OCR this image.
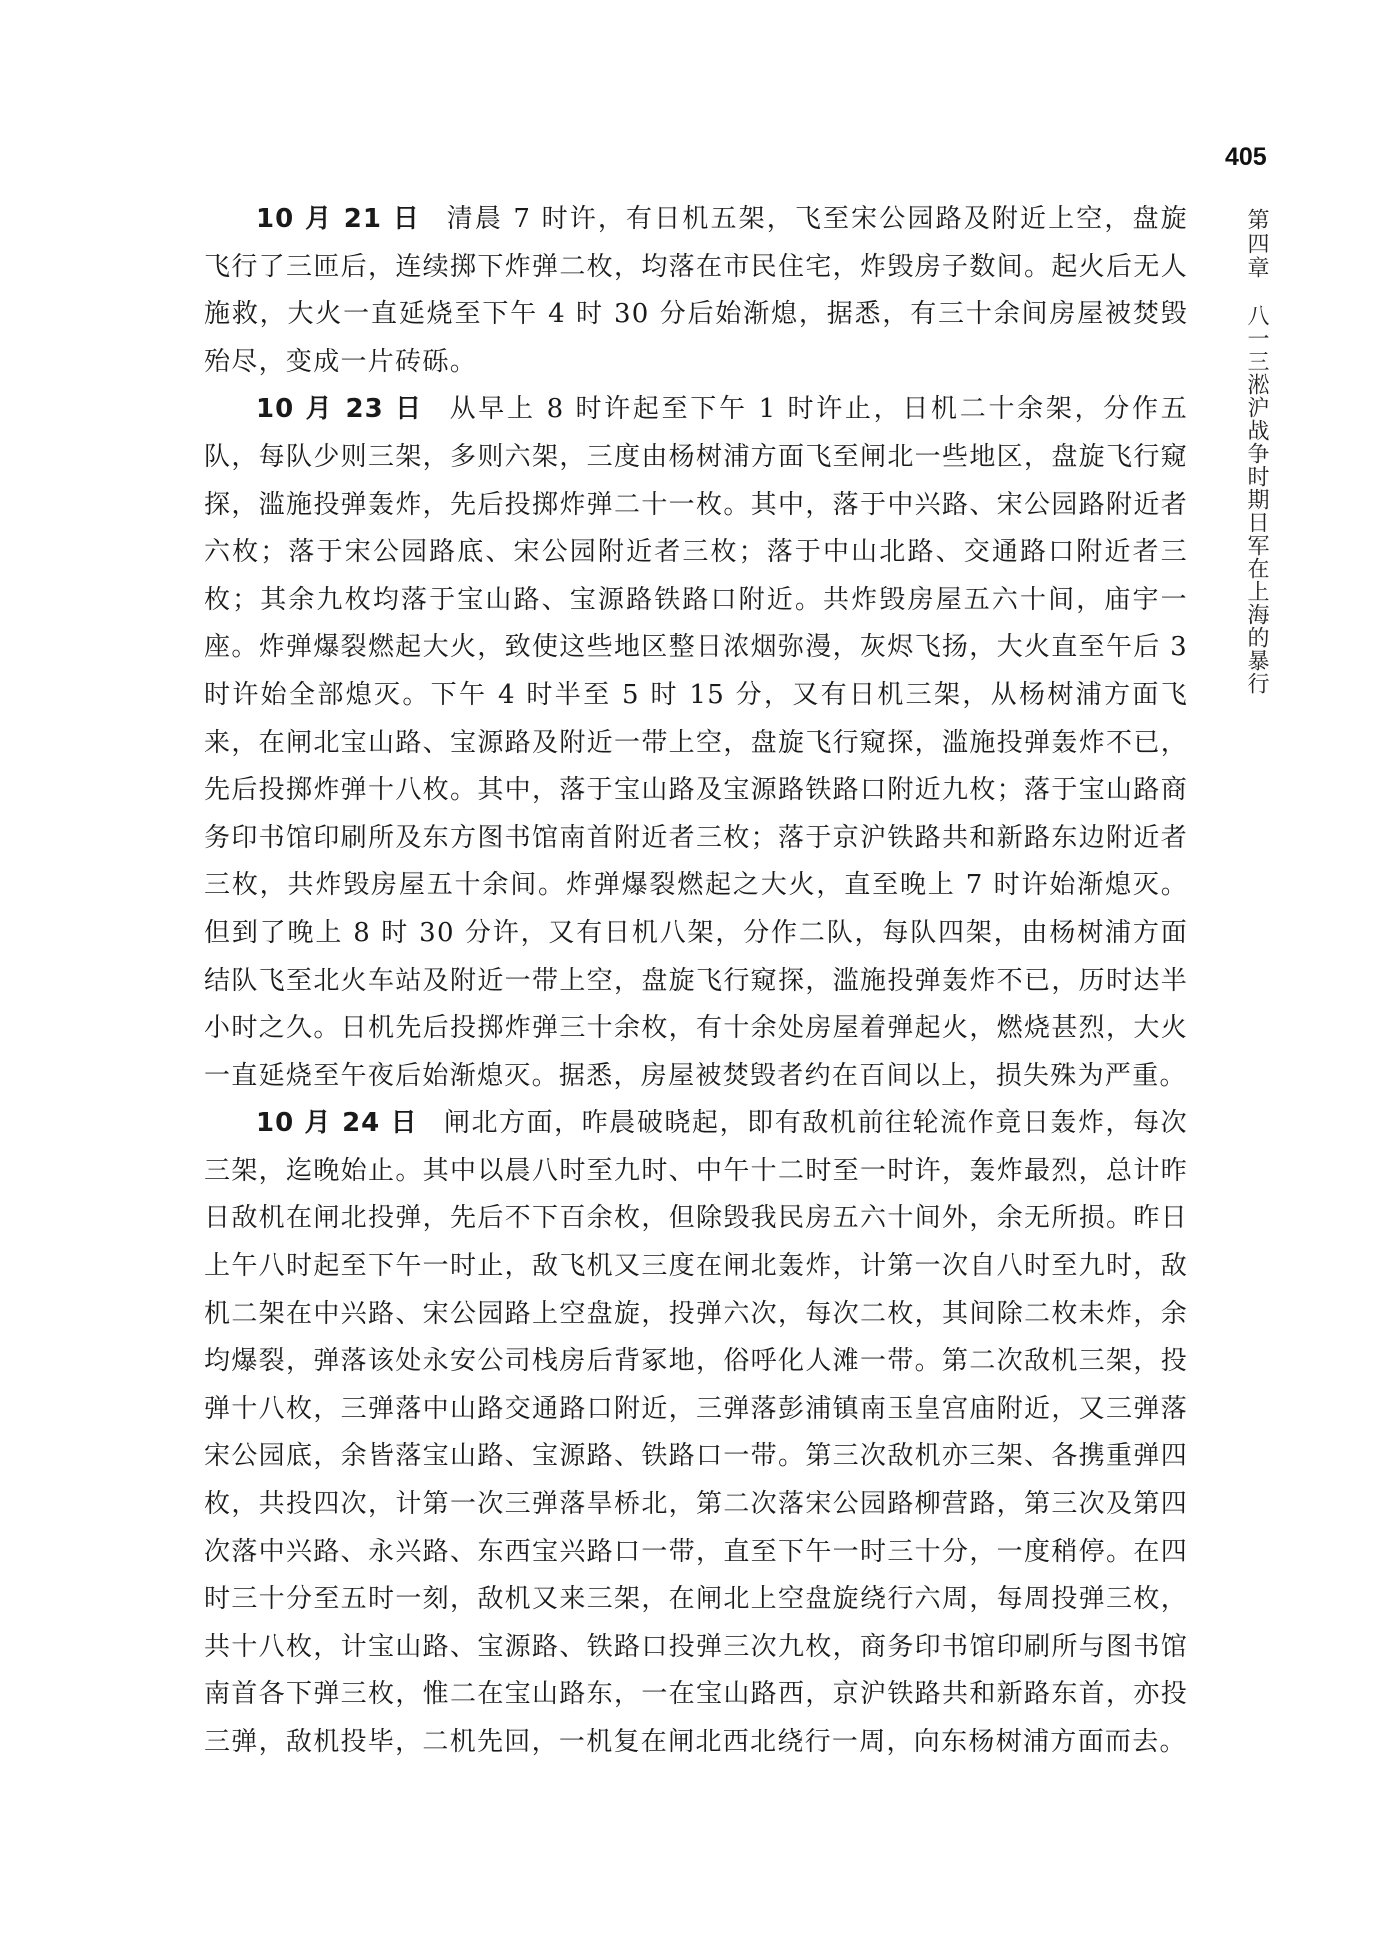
405
第四章八一三淞沪战争时期日军在上海的暴行

10 月 21 日 清晨 7 时许，有日机五架，飞至宋公园路及附近上空，盘旋飞行了三匝后，连续掷下炸弹二枚，均落在市民住宅，炸毁房子数间。起火后无人施救，大火一直延烧至下午 4 时 30 分后始渐熄，据悉，有三十余间房屋被焚毁殆尽，变成一片砖砾。

10 月 23 日 从早上 8 时许起至下午 1 时许止，日机二十余架，分作五队，每队少则三架，多则六架，三度由杨树浦方面飞至闸北一些地区，盘旋飞行窥探，滥施投弹轰炸，先后投掷炸弹二十一枚。其中，落于中兴路、宋公园路附近者六枚；落于宋公园路底、宋公园附近者三枚；落于中山北路、交通路口附近者三枚；其余九枚均落于宝山路、宝源路铁路口附近。共炸毁房屋五六十间，庙宇一座。炸弹爆裂燃起大火，致使这些地区整日浓烟弥漫，灰烬飞扬，大火直至午后 3 时许始全部熄灭。下午 4 时半至 5 时 15 分，又有日机三架，从杨树浦方面飞来，在闸北宝山路、宝源路及附近一带上空，盘旋飞行窥探，滥施投弹轰炸不已，先后投掷炸弹十八枚。其中，落于宝山路及宝源路铁路口附近九枚；落于宝山路商务印书馆印刷所及东方图书馆南首附近者三枚；落于京沪铁路共和新路东边附近者三枚，共炸毁房屋五十余间。炸弹爆裂燃起之大火，直至晚上 7 时许始渐熄灭。但到了晚上 8 时 30 分许，又有日机八架，分作二队，每队四架，由杨树浦方面结队飞至北火车站及附近一带上空，盘旋飞行窥探，滥施投弹轰炸不已，历时达半小时之久。日机先后投掷炸弹三十余枚，有十余处房屋着弹起火，燃烧甚烈，大火一直延烧至午夜后始渐熄灭。据悉，房屋被焚毁者约在百间以上，损失殊为严重。

10 月 24 日 闸北方面，昨晨破晓起，即有敌机前往轮流作竟日轰炸，每次三架，迄晚始止。其中以晨八时至九时、中午十二时至一时许，轰炸最烈，总计昨日敌机在闸北投弹，先后不下百余枚，但除毁我民房五六十间外，余无所损。昨日上午八时起至下午一时止，敌飞机又三度在闸北轰炸，计第一次自八时至九时，敌机二架在中兴路、宋公园路上空盘旋，投弹六次，每次二枚，其间除二枚未炸，余均爆裂，弹落该处永安公司栈房后背冢地，俗呼化人滩一带。第二次敌机三架，投弹十八枚，三弹落中山路交通路口附近，三弹落彭浦镇南玉皇宫庙附近，又三弹落宋公园底，余皆落宝山路、宝源路、铁路口一带。第三次敌机亦三架、各携重弹四枚，共投四次，计第一次三弹落旱桥北，第二次落宋公园路柳营路，第三次及第四次落中兴路、永兴路、东西宝兴路口一带，直至下午一时三十分，一度稍停。在四时三十分至五时一刻，敌机又来三架，在闸北上空盘旋绕行六周，每周投弹三枚，共十八枚，计宝山路、宝源路、铁路口投弹三次九枚，商务印书馆印刷所与图书馆南首各下弹三枚，惟二在宝山路东，一在宝山路西，京沪铁路共和新路东首，亦投三弹，敌机投毕，二机先回，一机复在闸北西北绕行一周，向东杨树浦方面而去。
